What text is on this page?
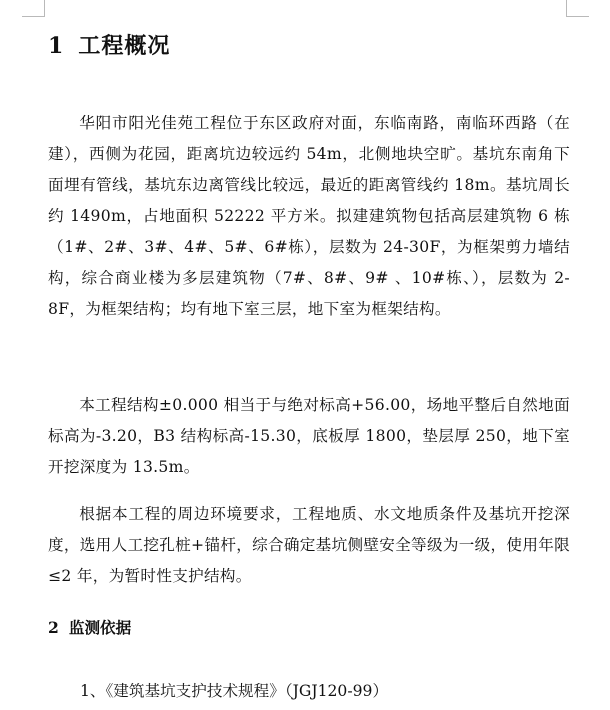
1 工程概况

华阳市阳光佳苑工程位于东区政府对面，东临南路，南临环西路（在建），西侧为花园，距离坑边较远约 54m，北侧地块空旷。基坑东南角下面埋有管线，基坑东边离管线比较远，最近的距离管线约 18m。基坑周长约 1490m，占地面积 52222 平方米。拟建建筑物包括高层建筑物 6 栋（1#、2#、3#、4#、5#、6#栋），层数为 24-30F，为框架剪力墙结构，综合商业楼为多层建筑物（7#、8#、9# 、10#栋、），层数为 2-8F，为框架结构；均有地下室三层，地下室为框架结构。

本工程结构±0.000 相当于与绝对标高+56.00，场地平整后自然地面标高为-3.20，B3 结构标高-15.30，底板厚 1800，垫层厚 250，地下室开挖深度为 13.5m。

根据本工程的周边环境要求，工程地质、水文地质条件及基坑开挖深度，选用人工挖孔桩+锚杆，综合确定基坑侧壁安全等级为一级，使用年限≤2 年，为暂时性支护结构。

2 监测依据
1、《建筑基坑支护技术规程》（JGJ120-99）
